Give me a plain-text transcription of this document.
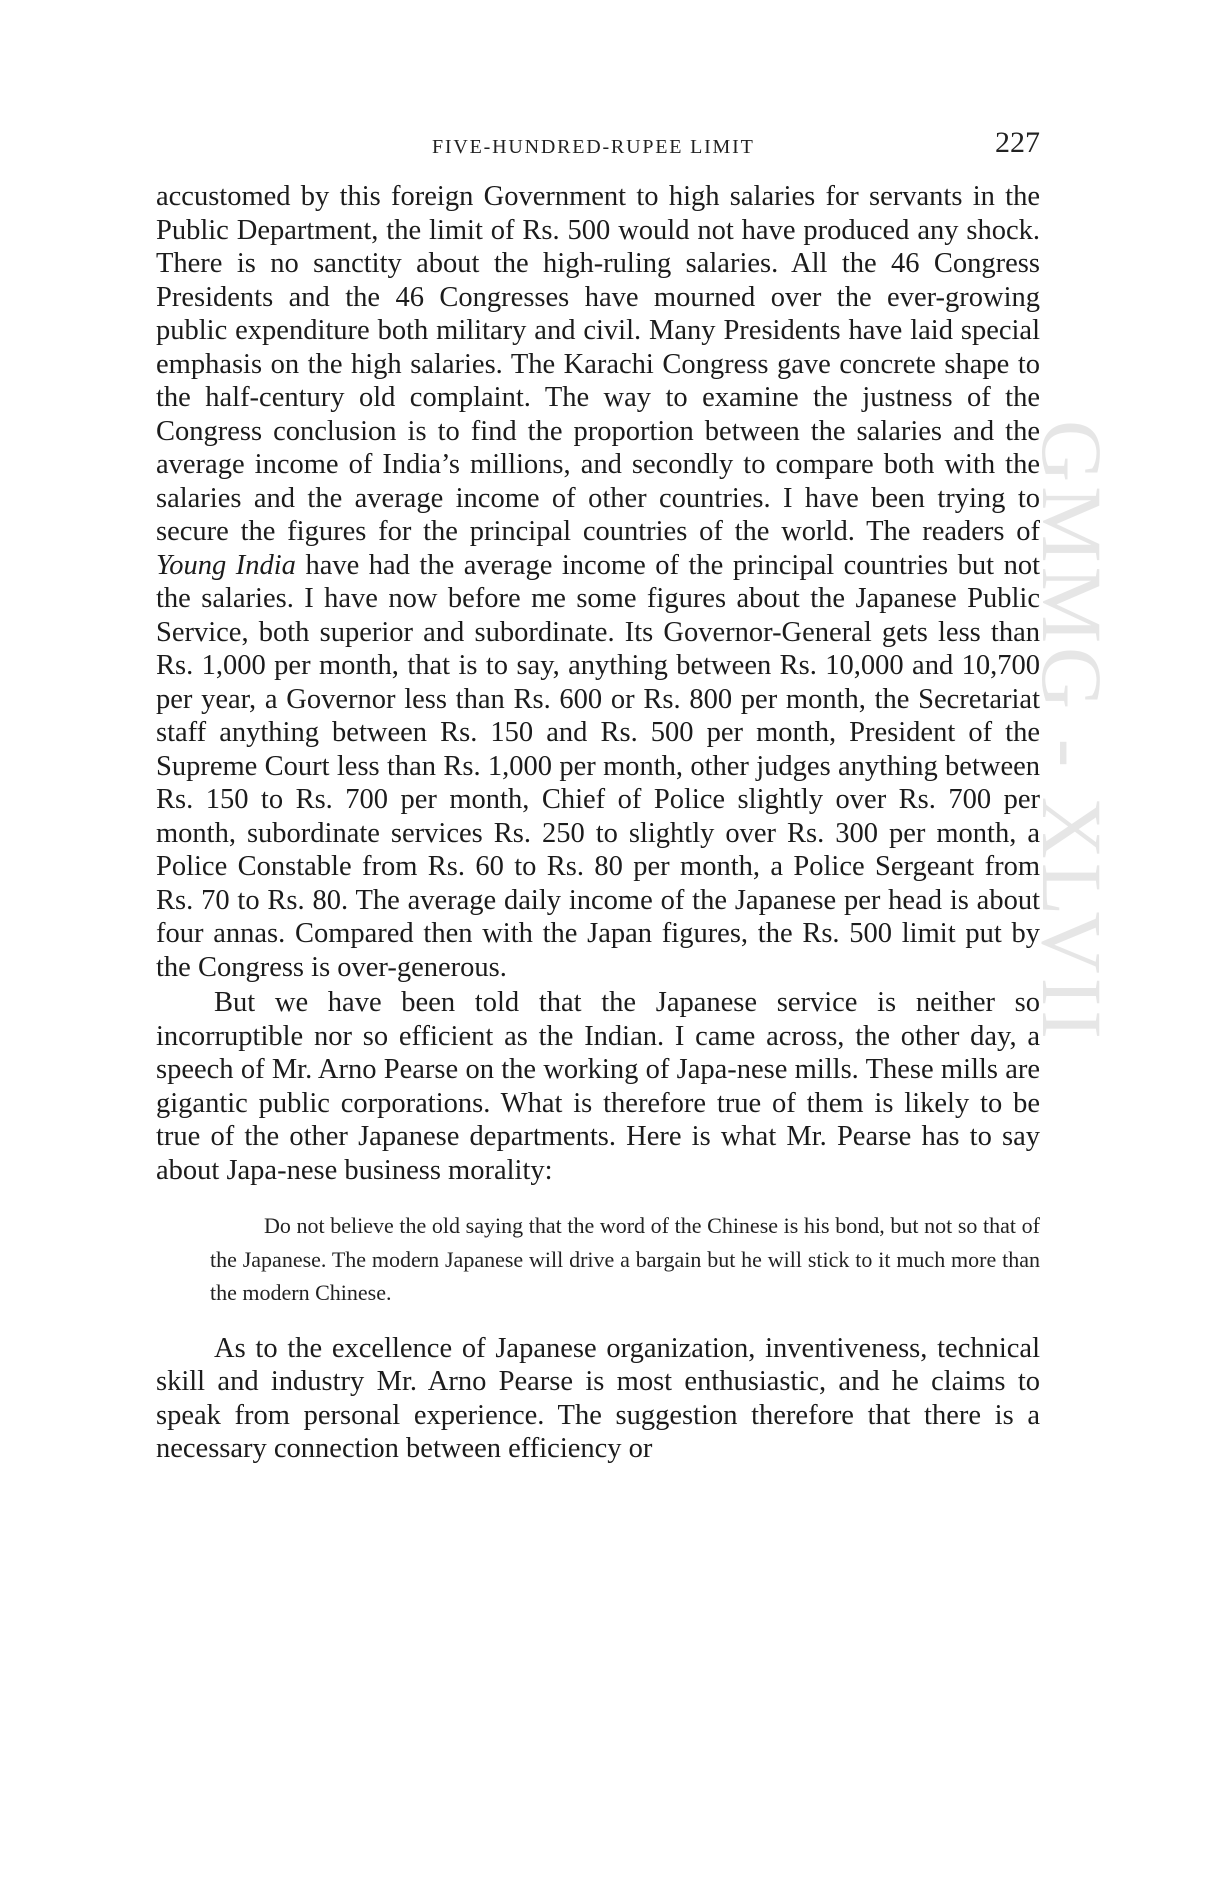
GMMG - XLVII
FIVE-HUNDRED-RUPEE LIMIT	227

accustomed by this foreign Government to high salaries for servants in the Public Department, the limit of Rs. 500 would not have produced any shock. There is no sanctity about the high-ruling salaries. All the 46 Congress Presidents and the 46 Congresses have mourned over the ever-growing public expenditure both military and civil. Many Presidents have laid special emphasis on the high salaries. The Karachi Congress gave concrete shape to the half-century old complaint. The way to examine the justness of the Congress conclusion is to find the proportion between the salaries and the average income of India’s millions, and secondly to compare both with the salaries and the average income of other countries. I have been trying to secure the figures for the principal countries of the world. The readers of Young India have had the average income of the principal countries but not the salaries. I have now before me some figures about the Japanese Public Service, both superior and subordinate. Its Governor-General gets less than Rs. 1,000 per month, that is to say, anything between Rs. 10,000 and 10,700 per year, a Governor less than Rs. 600 or Rs. 800 per month, the Secretariat staff anything between Rs. 150 and Rs. 500 per month, President of the Supreme Court less than Rs. 1,000 per month, other judges anything between Rs. 150 to Rs. 700 per month, Chief of Police slightly over Rs. 700 per month, subordinate services Rs. 250 to slightly over Rs. 300 per month, a Police Constable from Rs. 60 to Rs. 80 per month, a Police Sergeant from Rs. 70 to Rs. 80. The average daily income of the Japanese per head is about four annas. Compared then with the Japan figures, the Rs. 500 limit put by the Congress is over-generous.

But we have been told that the Japanese service is neither so incorruptible nor so efficient as the Indian. I came across, the other day, a speech of Mr. Arno Pearse on the working of Japa-nese mills. These mills are gigantic public corporations. What is therefore true of them is likely to be true of the other Japanese departments. Here is what Mr. Pearse has to say about Japa-nese business morality:

Do not believe the old saying that the word of the Chinese is his bond, but not so that of the Japanese. The modern Japanese will drive a bargain but he will stick to it much more than the modern Chinese.

As to the excellence of Japanese organization, inventiveness, technical skill and industry Mr. Arno Pearse is most enthusiastic, and he claims to speak from personal experience. The suggestion therefore that there is a necessary connection between efficiency or
